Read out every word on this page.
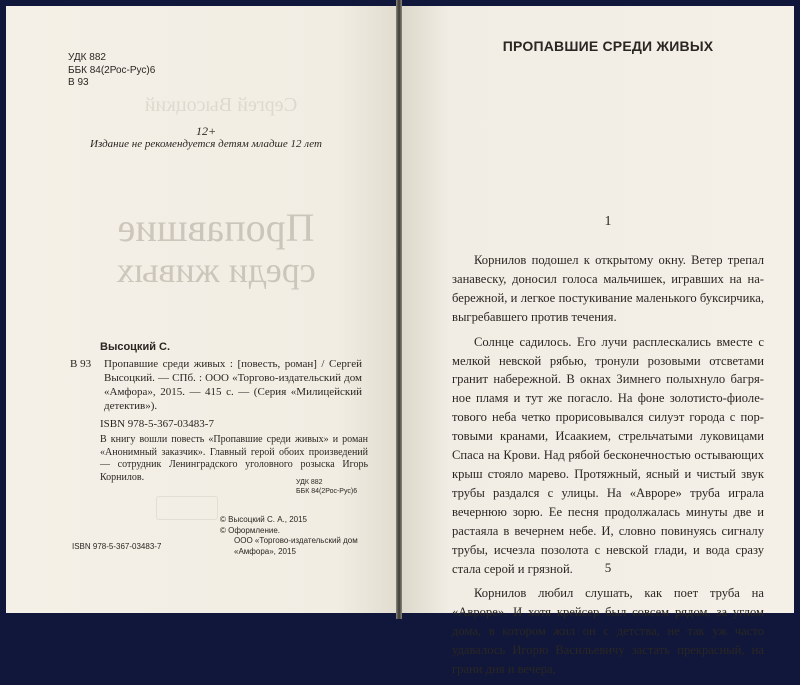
Сергей Высоцкий
Пропавшие
среди живых
УДК 882
ББК 84(2Рос-Рус)6
В 93
12+
Издание не рекомендуется детям младше 12 лет
Высоцкий С.
В 93	Пропавшие среди живых : [повесть, роман] / Сергей Высоцкий. — СПб. : ООО «Торгово-издательский дом «Амфора», 2015. — 415 с. — (Серия «Милицейский детектив»).
ISBN 978-5-367-03483-7
В книгу вошли повесть «Пропавшие среди живых» и роман «Анонимный заказчик». Главный герой обоих произведений — сотрудник Ленинградского уголовного розыска Игорь Корнилов.	УДК 882
ББК 84(2Рос-Рус)6
© Высоцкий С. А., 2015
© Оформление.
ООО «Торгово-издательский дом
«Амфора», 2015
ISBN 978-5-367-03483-7
ПРОПАВШИЕ СРЕДИ ЖИВЫХ
1

Корнилов подошел к открытому окну. Ветер трепал занавеску, доносил голоса мальчишек, игравших на набережной, и легкое постукивание маленького буксирчика, выгребавшего против течения.

Солнце садилось. Его лучи расплескались вместе с мелкой невской рябью, тронули розовыми отсветами гранит набережной. В окнах Зимнего полыхнуло багряное пламя и тут же погасло. На фоне золотисто-фиолетового неба четко прорисовывался силуэт города с портовыми кранами, Исаакием, стрельчатыми луковицами Спаса на Крови. Над рябой бесконечностью остывающих крыш стояло марево. Протяжный, ясный и чистый звук трубы раздался с улицы. На «Авроре» труба играла вечернюю зорю. Ее песня продолжалась минуты две и растаяла в вечернем небе. И, словно повинуясь сигналу трубы, исчезла позолота с невской глади, и вода сразу стала серой и грязной.

Корнилов любил слушать, как поет труба на «Авроре». И хотя крейсер был совсем рядом, за углом дома, в котором жил он с детства, не так уж часто удавалось Игорю Васильевичу застать прекрасный, на грани дня и вечера,

5
